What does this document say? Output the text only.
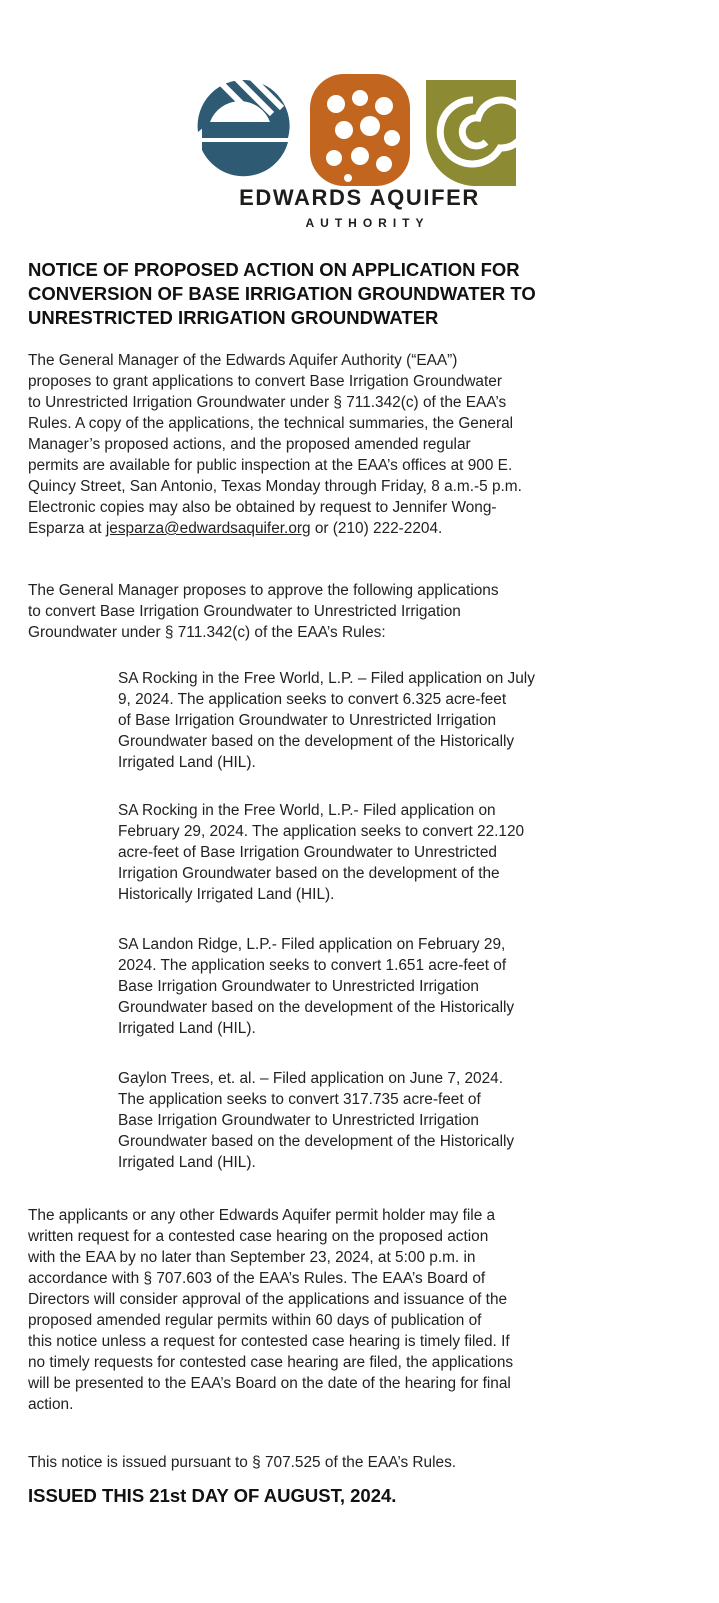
EDWARDS AQUIFER
AUTHORITY
NOTICE OF PROPOSED ACTION ON APPLICATION FOR
CONVERSION OF BASE IRRIGATION GROUNDWATER TO
UNRESTRICTED IRRIGATION GROUNDWATER
The General Manager of the Edwards Aquifer Authority (“EAA”)
proposes to grant applications to convert Base Irrigation Groundwater
to Unrestricted Irrigation Groundwater under § 711.342(c) of the EAA’s
Rules. A copy of the applications, the technical summaries, the General
Manager’s proposed actions, and the proposed amended regular
permits are available for public inspection at the EAA’s offices at 900 E.
Quincy Street, San Antonio, Texas Monday through Friday, 8 a.m.-5 p.m.
Electronic copies may also be obtained by request to Jennifer Wong-
Esparza at jesparza@edwardsaquifer.org or (210) 222-2204.
The General Manager proposes to approve the following applications
to convert Base Irrigation Groundwater to Unrestricted Irrigation
Groundwater under § 711.342(c) of the EAA’s Rules:
SA Rocking in the Free World, L.P. – Filed application on July
9, 2024. The application seeks to convert 6.325 acre-feet
of Base Irrigation Groundwater to Unrestricted Irrigation
Groundwater based on the development of the Historically
Irrigated Land (HIL).
SA Rocking in the Free World, L.P.- Filed application on
February 29, 2024. The application seeks to convert 22.120
acre-feet of Base Irrigation Groundwater to Unrestricted
Irrigation Groundwater based on the development of the
Historically Irrigated Land (HIL).
SA Landon Ridge, L.P.- Filed application on February 29,
2024. The application seeks to convert 1.651 acre-feet of
Base Irrigation Groundwater to Unrestricted Irrigation
Groundwater based on the development of the Historically
Irrigated Land (HIL).
Gaylon Trees, et. al. – Filed application on June 7, 2024.
The application seeks to convert 317.735 acre-feet of
Base Irrigation Groundwater to Unrestricted Irrigation
Groundwater based on the development of the Historically
Irrigated Land (HIL).
The applicants or any other Edwards Aquifer permit holder may file a
written request for a contested case hearing on the proposed action
with the EAA by no later than September 23, 2024, at 5:00 p.m. in
accordance with § 707.603 of the EAA’s Rules. The EAA’s Board of
Directors will consider approval of the applications and issuance of the
proposed amended regular permits within 60 days of publication of
this notice unless a request for contested case hearing is timely filed. If
no timely requests for contested case hearing are filed, the applications
will be presented to the EAA’s Board on the date of the hearing for final
action.
This notice is issued pursuant to § 707.525 of the EAA’s Rules.
ISSUED THIS 21st DAY OF AUGUST, 2024.
